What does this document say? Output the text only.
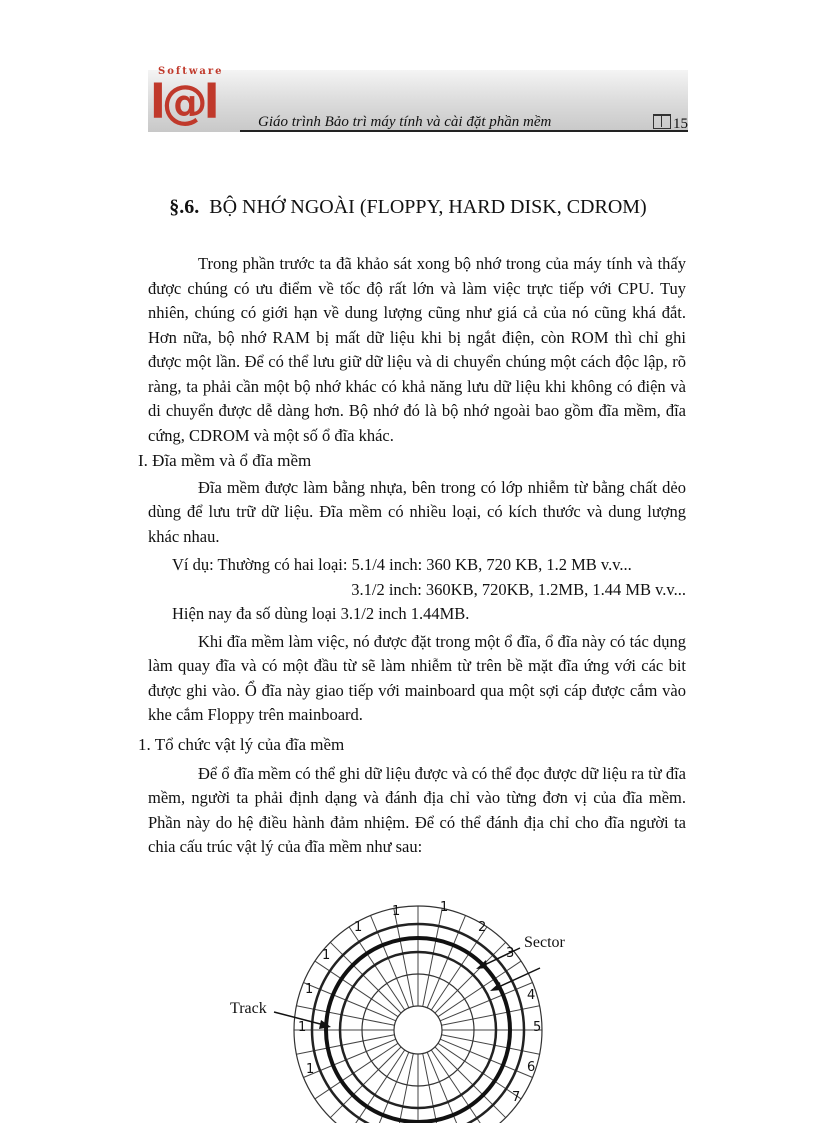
Software
l@l	Giáo trình Bảo trì máy tính và cài đặt phần mềm	15
§.6. BỘ NHỚ NGOÀI (FLOPPY, HARD DISK, CDROM)

Trong phần trước ta đã khảo sát xong bộ nhớ trong của máy tính và thấy được chúng có ưu điểm về tốc độ rất lớn và làm việc trực tiếp với CPU. Tuy nhiên, chúng có giới hạn về dung lượng cũng như giá cả của nó cũng khá đắt. Hơn nữa, bộ nhớ RAM bị mất dữ liệu khi bị ngắt điện, còn ROM thì chỉ ghi được một lần. Để có thể lưu giữ dữ liệu và di chuyển chúng một cách độc lập, rõ ràng, ta phải cần một bộ nhớ khác có khả năng lưu dữ liệu khi không có điện và di chuyển được dễ dàng hơn. Bộ nhớ đó là bộ nhớ ngoài bao gồm đĩa mềm, đĩa cứng, CDROM và một số ổ đĩa khác.

I. Đĩa mềm và ổ đĩa mềm

Đĩa mềm được làm bằng nhựa, bên trong có lớp nhiễm từ bằng chất dẻo dùng để lưu trữ dữ liệu. Đĩa mềm có nhiều loại, có kích thước và dung lượng khác nhau.

Ví dụ: Thường có hai loại: 5.1/4 inch: 360 KB, 720 KB, 1.2 MB v.v...

3.1/2 inch: 360KB, 720KB, 1.2MB, 1.44 MB v.v...

Hiện nay đa số dùng loại 3.1/2 inch 1.44MB.

Khi đĩa mềm làm việc, nó được đặt trong một ổ đĩa, ổ đĩa này có tác dụng làm quay đĩa và có một đầu từ sẽ làm nhiễm từ trên bề mặt đĩa ứng với các bit được ghi vào. Ổ đĩa này giao tiếp với mainboard qua một sợi cáp được cắm vào khe cắm Floppy trên mainboard.

1. Tổ chức vật lý của đĩa mềm

Để ổ đĩa mềm có thể ghi dữ liệu được và có thể đọc được dữ liệu ra từ đĩa mềm, người ta phải định dạng và đánh địa chỉ vào từng đơn vị của đĩa mềm. Phần này do hệ điều hành đảm nhiệm. Để có thể đánh địa chỉ cho đĩa người ta chia cấu trúc vật lý của đĩa mềm như sau:

Sector
Track
1
1
1
1
1
1
1
2
3
4
5
6
7
